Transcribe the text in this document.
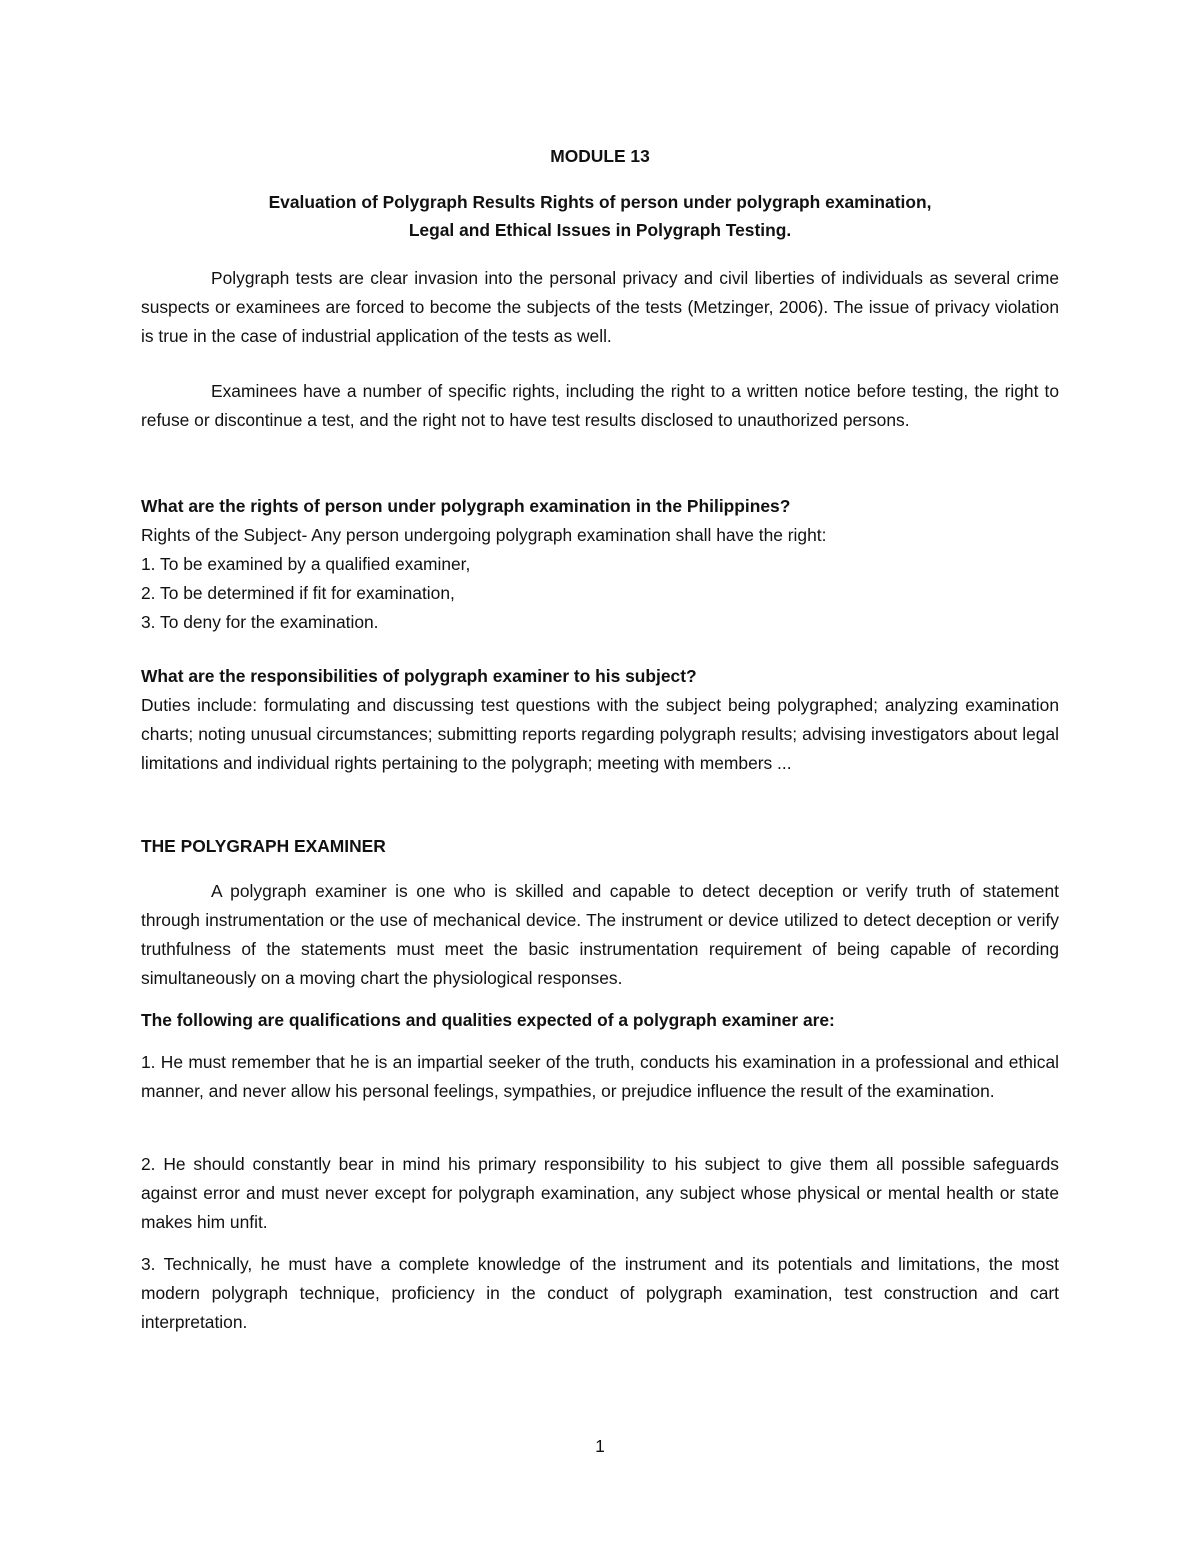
MODULE 13
Evaluation of Polygraph Results Rights of person under polygraph examination,
Legal and Ethical Issues in Polygraph Testing.

Polygraph tests are clear invasion into the personal privacy and civil liberties of individuals as several crime suspects or examinees are forced to become the subjects of the tests (Metzinger, 2006). The issue of privacy violation is true in the case of industrial application of the tests as well.

Examinees have a number of specific rights, including the right to a written notice before testing, the right to refuse or discontinue a test, and the right not to have test results disclosed to unauthorized persons.

What are the rights of person under polygraph examination in the Philippines?
Rights of the Subject- Any person undergoing polygraph examination shall have the right:
1. To be examined by a qualified examiner,
2. To be determined if fit for examination,
3. To deny for the examination.
What are the responsibilities of polygraph examiner to his subject?
Duties include: formulating and discussing test questions with the subject being polygraphed; analyzing examination charts; noting unusual circumstances; submitting reports regarding polygraph results; advising investigators about legal limitations and individual rights pertaining to the polygraph; meeting with members ...
THE POLYGRAPH EXAMINER

A polygraph examiner is one who is skilled and capable to detect deception or verify truth of statement through instrumentation or the use of mechanical device. The instrument or device utilized to detect deception or verify truthfulness of the statements must meet the basic instrumentation requirement of being capable of recording simultaneously on a moving chart the physiological responses.

The following are qualifications and qualities expected of a polygraph examiner are:

1. He must remember that he is an impartial seeker of the truth, conducts his examination in a professional and ethical manner, and never allow his personal feelings, sympathies, or prejudice influence the result of the examination.

2. He should constantly bear in mind his primary responsibility to his subject to give them all possible safeguards against error and must never except for polygraph examination, any subject whose physical or mental health or state makes him unfit.

3. Technically, he must have a complete knowledge of the instrument and its potentials and limitations, the most modern polygraph technique, proficiency in the conduct of polygraph examination, test construction and cart interpretation.

1
